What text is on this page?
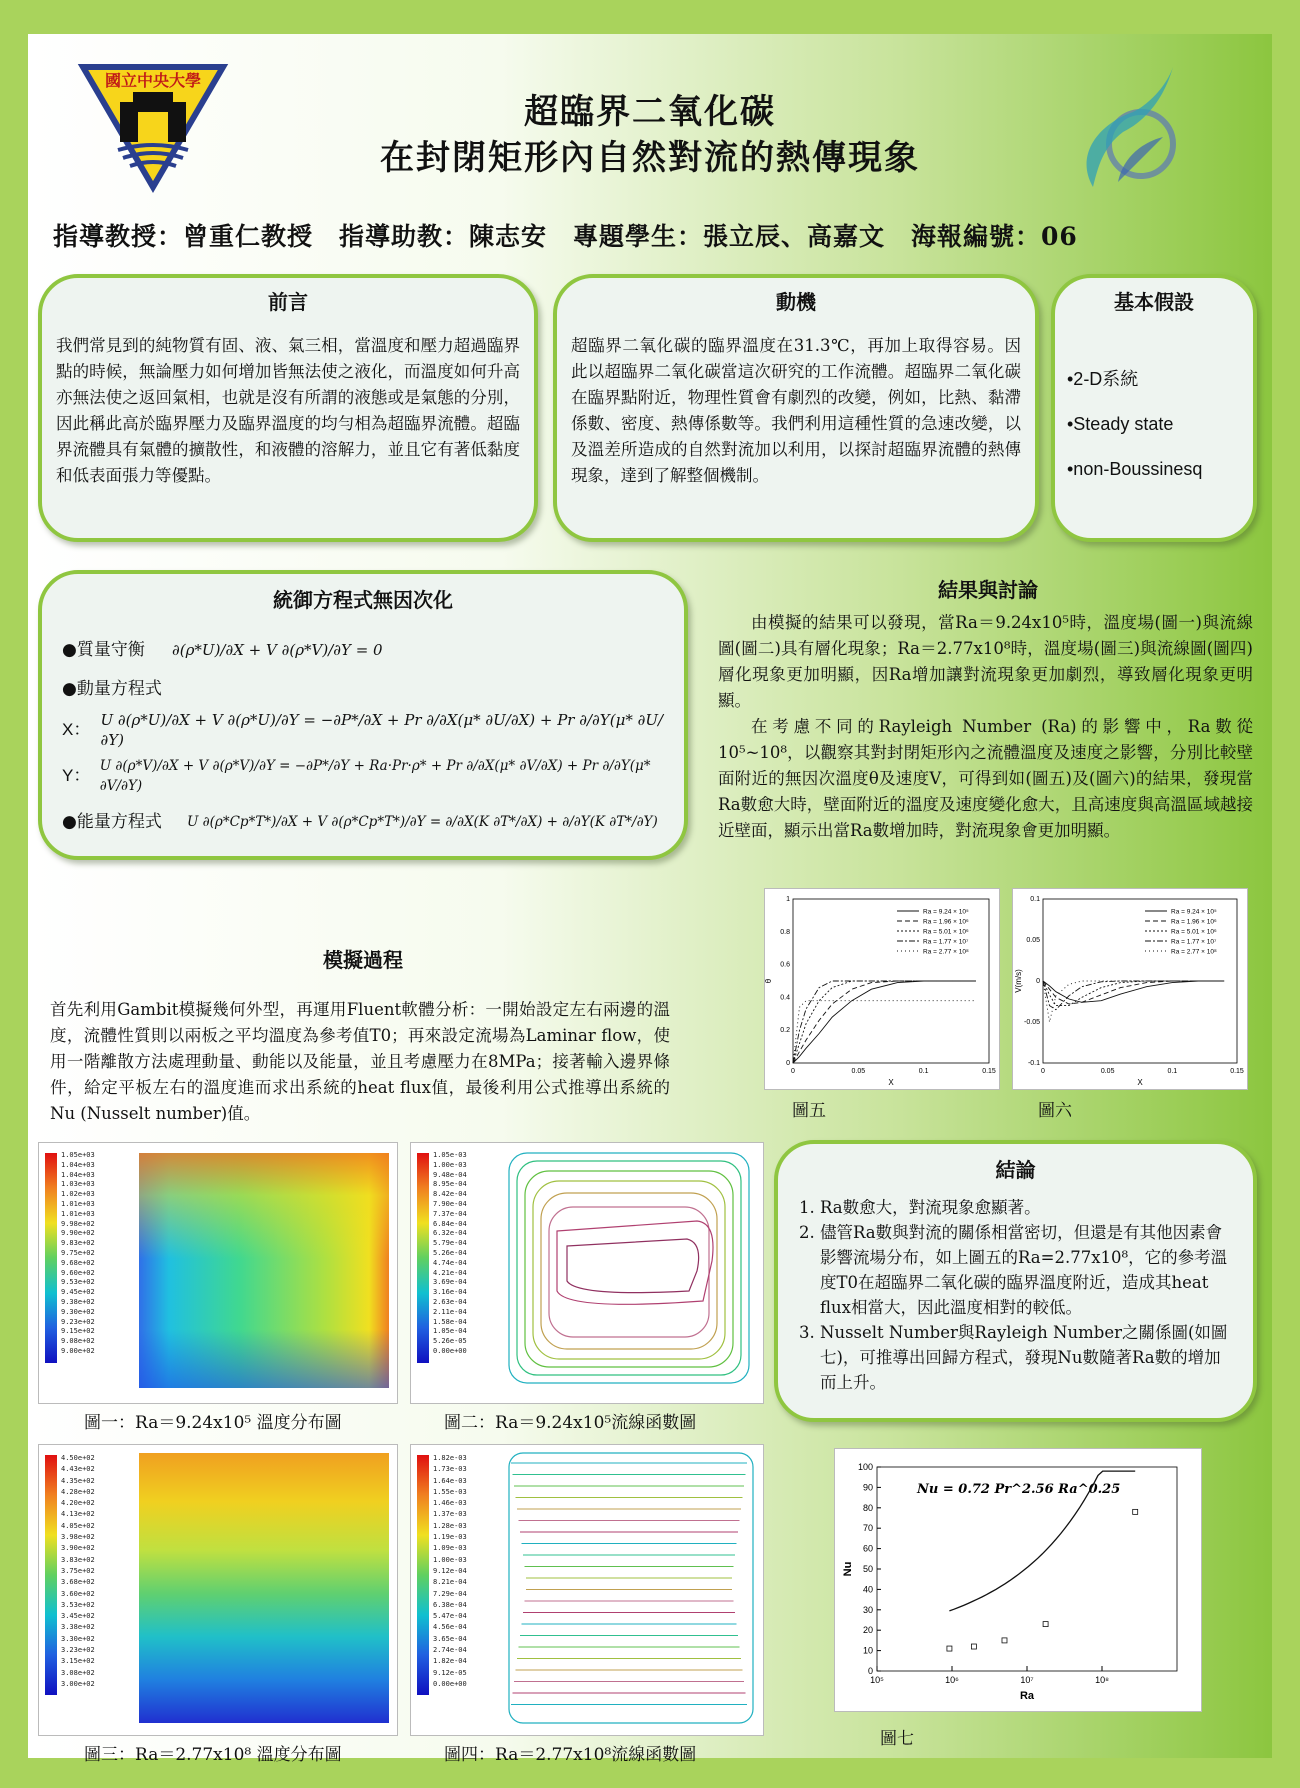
國立中央大學
超臨界二氧化碳
在封閉矩形內自然對流的熱傳現象
指導教授：曾重仁教授　指導助教：陳志安　專題學生：張立辰、高嘉文　海報編號：06
前言
我們常見到的純物質有固、液、氣三相，當溫度和壓力超過臨界點的時候，無論壓力如何增加皆無法使之液化，而溫度如何升高亦無法使之返回氣相，也就是沒有所謂的液態或是氣態的分別，因此稱此高於臨界壓力及臨界溫度的均勻相為超臨界流體。超臨界流體具有氣體的擴散性，和液體的溶解力，並且它有著低黏度和低表面張力等優點。
動機
超臨界二氧化碳的臨界溫度在31.3℃，再加上取得容易。因此以超臨界二氧化碳當這次研究的工作流體。超臨界二氧化碳在臨界點附近，物理性質會有劇烈的改變，例如，比熱、黏滯係數、密度、熱傳係數等。我們利用這種性質的急速改變，以及溫差所造成的自然對流加以利用，以探討超臨界流體的熱傳現象，達到了解整個機制。
基本假設
•2-D系統
•Steady state
•non-Boussinesq
統御方程式無因次化
●質量守衡	∂(ρ*U)/∂X + V ∂(ρ*V)/∂Y = 0
●動量方程式
X： U ∂(ρ*U)/∂X + V ∂(ρ*U)/∂Y = −∂P*/∂X + Pr ∂/∂X(μ* ∂U/∂X) + Pr ∂/∂Y(μ* ∂U/∂Y)
Y： U ∂(ρ*V)/∂X + V ∂(ρ*V)/∂Y = −∂P*/∂Y + Ra·Pr·ρ* + Pr ∂/∂X(μ* ∂V/∂X) + Pr ∂/∂Y(μ* ∂V/∂Y)
●能量方程式	U ∂(ρ*Cp*T*)/∂X + V ∂(ρ*Cp*T*)/∂Y = ∂/∂X(K ∂T*/∂X) + ∂/∂Y(K ∂T*/∂Y)
結果與討論
由模擬的結果可以發現，當Ra＝9.24x10⁵時，溫度場(圖一)與流線圖(圖二)具有層化現象；Ra＝2.77x10⁸時，溫度場(圖三)與流線圖(圖四)層化現象更加明顯，因Ra增加讓對流現象更加劇烈，導致層化現象更明顯。
在考慮不同的Rayleigh Number (Ra)的影響中，Ra數從10⁵~10⁸，以觀察其對封閉矩形內之流體溫度及速度之影響，分別比較壁面附近的無因次溫度θ及速度V，可得到如(圖五)及(圖六)的結果，發現當Ra數愈大時，壁面附近的溫度及速度變化愈大，且高速度與高溫區域越接近壁面，顯示出當Ra數增加時，對流現象會更加明顯。
模擬過程
首先利用Gambit模擬幾何外型，再運用Fluent軟體分析：一開始設定左右兩邊的溫度，流體性質則以兩板之平均溫度為參考值T0；再來設定流場為Laminar flow，使用一階離散方法處理動量、動能以及能量，並且考慮壓力在8MPa；接著輸入邊界條件，給定平板左右的溫度進而求出系統的heat flux值，最後利用公式推導出系統的Nu (Nusselt number)值。
1.05e+03
1.04e+03
1.04e+03
1.03e+03
1.02e+03
1.01e+03
1.01e+03
9.98e+02
9.90e+02
9.83e+02
9.75e+02
9.68e+02
9.60e+02
9.53e+02
9.45e+02
9.38e+02
9.30e+02
9.23e+02
9.15e+02
9.08e+02
9.00e+02
圖一：Ra＝9.24x10⁵ 溫度分布圖
1.05e-03
1.00e-03
9.48e-04
8.95e-04
8.42e-04
7.90e-04
7.37e-04
6.84e-04
6.32e-04
5.79e-04
5.26e-04
4.74e-04
4.21e-04
3.69e-04
3.16e-04
2.63e-04
2.11e-04
1.58e-04
1.05e-04
5.26e-05
0.00e+00
圖二：Ra＝9.24x10⁵流線函數圖
4.50e+02
4.43e+02
4.35e+02
4.28e+02
4.20e+02
4.13e+02
4.05e+02
3.98e+02
3.90e+02
3.83e+02
3.75e+02
3.68e+02
3.60e+02
3.53e+02
3.45e+02
3.38e+02
3.30e+02
3.23e+02
3.15e+02
3.08e+02
3.00e+02
圖三：Ra＝2.77x10⁸ 溫度分布圖
1.82e-03
1.73e-03
1.64e-03
1.55e-03
1.46e-03
1.37e-03
1.28e-03
1.19e-03
1.09e-03
1.00e-03
9.12e-04
8.21e-04
7.29e-04
6.38e-04
5.47e-04
4.56e-04
3.65e-04
2.74e-04
1.82e-04
9.12e-05
0.00e+00
圖四：Ra＝2.77x10⁸流線函數圖
0	0.05	0.1	0.15
0
0.2
0.4
0.6
0.8
1
X
θ
Ra = 9.24 × 10⁵
Ra = 1.96 × 10⁶
Ra = 5.01 × 10⁶
Ra = 1.77 × 10⁷
Ra = 2.77 × 10⁸
圖五
0	0.05	0.1	0.15
-0.1
-0.05
0
0.05
0.1
X
V(m/s)
Ra = 9.24 × 10⁵
Ra = 1.96 × 10⁶
Ra = 5.01 × 10⁶
Ra = 1.77 × 10⁷
Ra = 2.77 × 10⁸
圖六
結論
1. Ra數愈大，對流現象愈顯著。
2. 儘管Ra數與對流的關係相當密切，但還是有其他因素會影響流場分布，如上圖五的Ra=2.77x10⁸，它的參考溫度T0在超臨界二氧化碳的臨界溫度附近，造成其heat flux相當大，因此溫度相對的較低。
3. Nusselt Number與Rayleigh Number之關係圖(如圖七)，可推導出回歸方程式，發現Nu數隨著Ra數的增加而上升。
10⁵	10⁶	10⁷	10⁸
0
10
20
30
40
50
60
70
80
90
100
Ra
Nu
Nu = 0.72 Pr^2.56 Ra^0.25
圖七
